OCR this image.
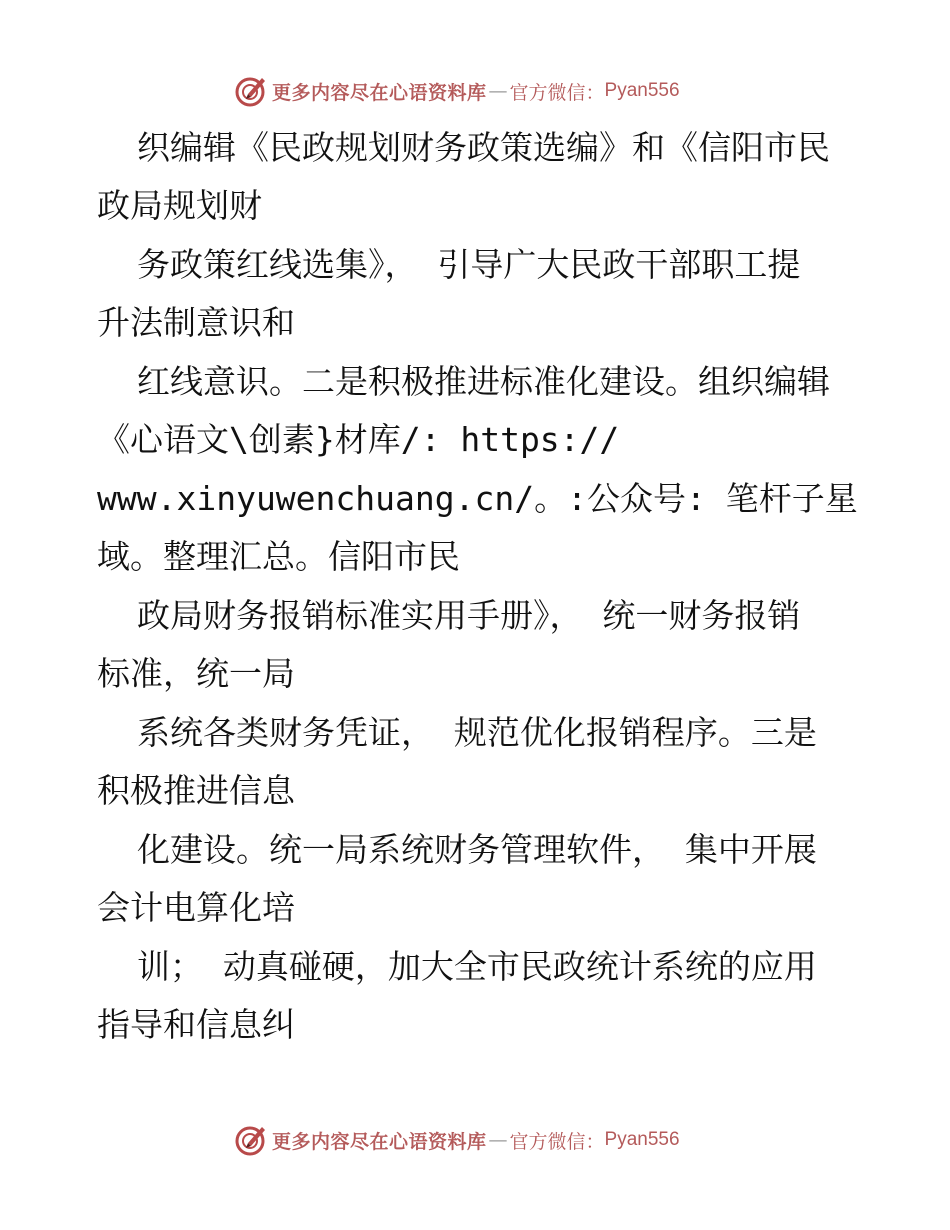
更多内容尽在心语资料库 — 官方微信： Pyan556
织编辑《民政规划财务政策选编》和《信阳市民
政局规划财
务政策红线选集》， 引导广大民政干部职工提
升法制意识和
红线意识。二是积极推进标准化建设。组织编辑
《心语文\创素}材库/: https://
www.xinyuwenchuang.cn/。:公众号: 笔杆子星
域。整理汇总。信阳市民
政局财务报销标准实用手册》， 统一财务报销
标准，统一局
系统各类财务凭证， 规范优化报销程序。三是
积极推进信息
化建设。统一局系统财务管理软件， 集中开展
会计电算化培
训； 动真碰硬，加大全市民政统计系统的应用
指导和信息纠
更多内容尽在心语资料库 — 官方微信： Pyan556
